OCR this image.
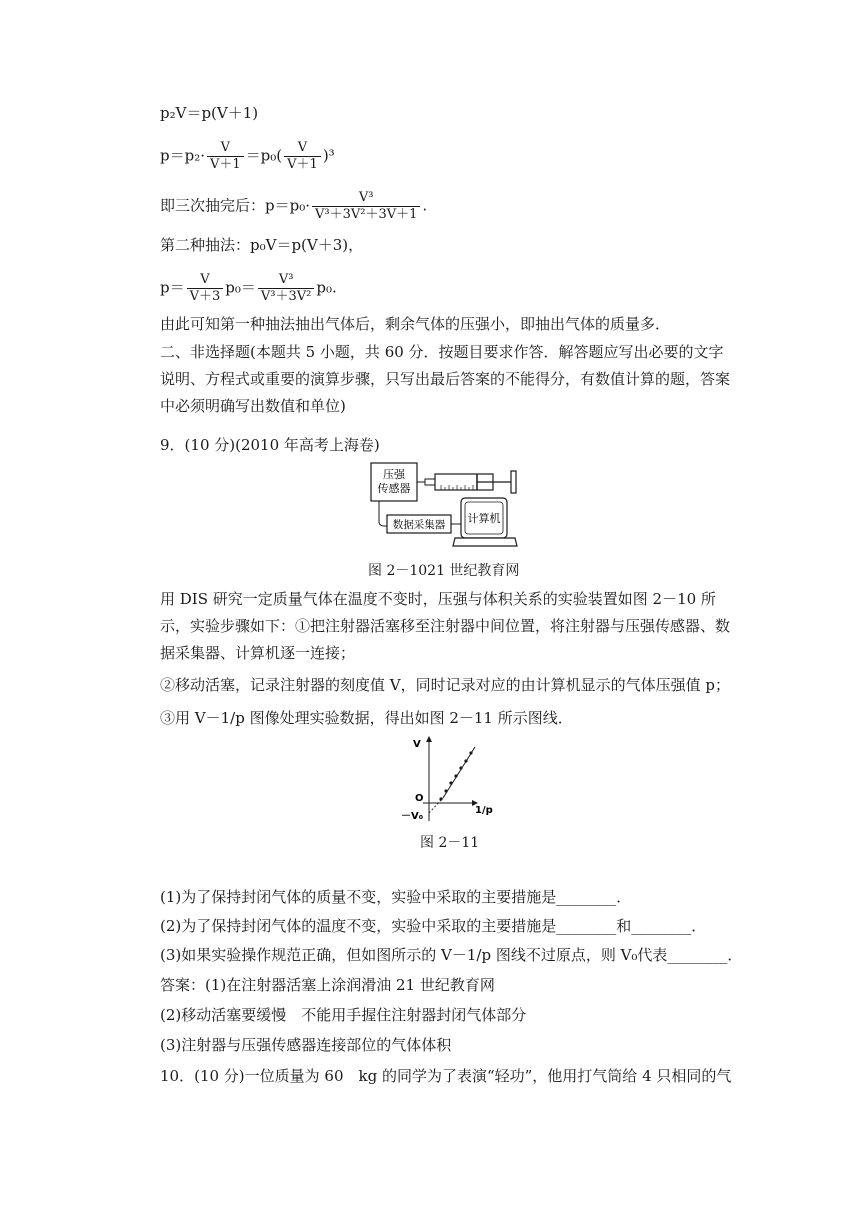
p₂V＝p(V＋1)
$p=p_2\cdot \frac{V}{V+1} =p_0( \frac{V}{V+1} )^3$
即三次抽完后：$p=p_0\cdot \frac{\text{V³}}{\text{V³＋3V²＋3V＋1}}$ .
第二种抽法：p₀V＝p(V＋3)，
$p= \frac{V}{V+3} p_0= \frac{\text{V³}}{\text{V³＋3V²}} p_0$.
由此可知第一种抽法抽出气体后，剩余气体的压强小，即抽出气体的质量多．
二、非选择题(本题共 5 小题，共 60 分．按题目要求作答．解答题应写出必要的文字说明、方程式或重要的演算步骤，只写出最后答案的不能得分，有数值计算的题，答案中必须明确写出数值和单位)
9．(10 分)(2010 年高考上海卷)
压强
传感器
数据采集器 计算机
图 2－1021 世纪教育网
用 DIS 研究一定质量气体在温度不变时，压强与体积关系的实验装置如图 2－10 所示，实验步骤如下：①把注射器活塞移至注射器中间位置，将注射器与压强传感器、数据采集器、计算机逐一连接；
②移动活塞，记录注射器的刻度值 V，同时记录对应的由计算机显示的气体压强值 p；
③用 V－1/p 图像处理实验数据，得出如图 2－11 所示图线．
V
1/p
O
－V₀
图 2－11
(1)为了保持封闭气体的质量不变，实验中采取的主要措施是________．
(2)为了保持封闭气体的温度不变，实验中采取的主要措施是________和________．
(3)如果实验操作规范正确，但如图所示的 V－1/p 图线不过原点，则 V₀代表________．
答案：(1)在注射器活塞上涂润滑油 21 世纪教育网
(2)移动活塞要缓慢　不能用手握住注射器封闭气体部分
(3)注射器与压强传感器连接部位的气体体积
10．(10 分)一位质量为 60　kg 的同学为了表演“轻功”，他用打气筒给 4 只相同的气
